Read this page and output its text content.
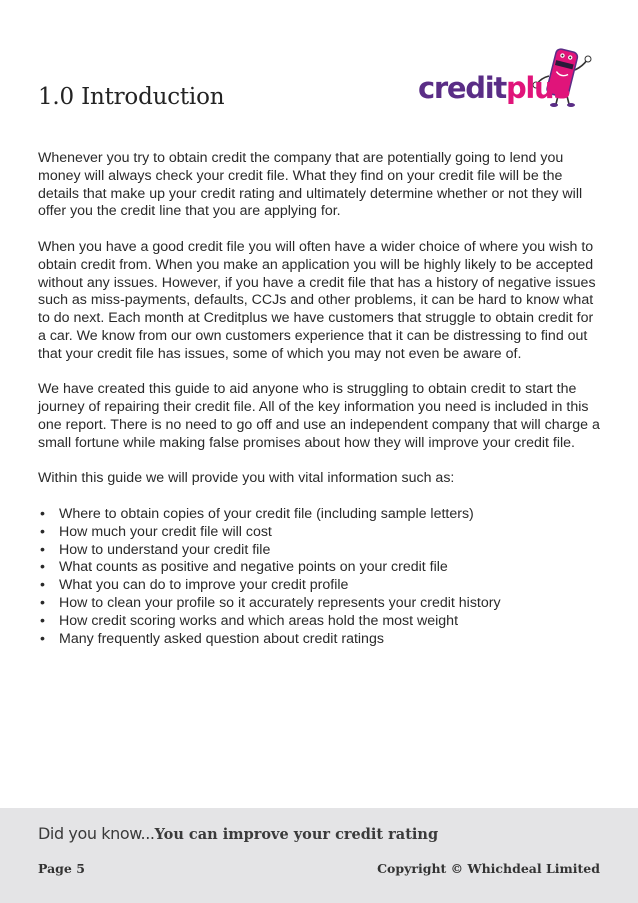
1.0 Introduction	creditplus

Whenever you try to obtain credit the company that are potentially going to lend you money will always check your credit file. What they find on your credit file will be the details that make up your credit rating and ultimately determine whether or not they will offer you the credit line that you are applying for.

When you have a good credit file you will often have a wider choice of where you wish to obtain credit from. When you make an application you will be highly likely to be accepted without any issues. However, if you have a credit file that has a history of negative issues such as miss-payments, defaults, CCJs and other problems, it can be hard to know what to do next. Each month at Creditplus we have customers that struggle to obtain credit for a car. We know from our own customers experience that it can be distressing to find out that your credit file has issues, some of which you may not even be aware of.

We have created this guide to aid anyone who is struggling to obtain credit to start the journey of repairing their credit file. All of the key information you need is included in this one report. There is no need to go off and use an independent company that will charge a small fortune while making false promises about how they will improve your credit file.

Within this guide we will provide you with vital information such as:

• Where to obtain copies of your credit file (including sample letters)
• How much your credit file will cost
• How to understand your credit file
• What counts as positive and negative points on your credit file
• What you can do to improve your credit profile
• How to clean your profile so it accurately represents your credit history
• How credit scoring works and which areas hold the most weight
• Many frequently asked question about credit ratings
Did you know...You can improve your credit rating
Page 5	Copyright © Whichdeal Limited
